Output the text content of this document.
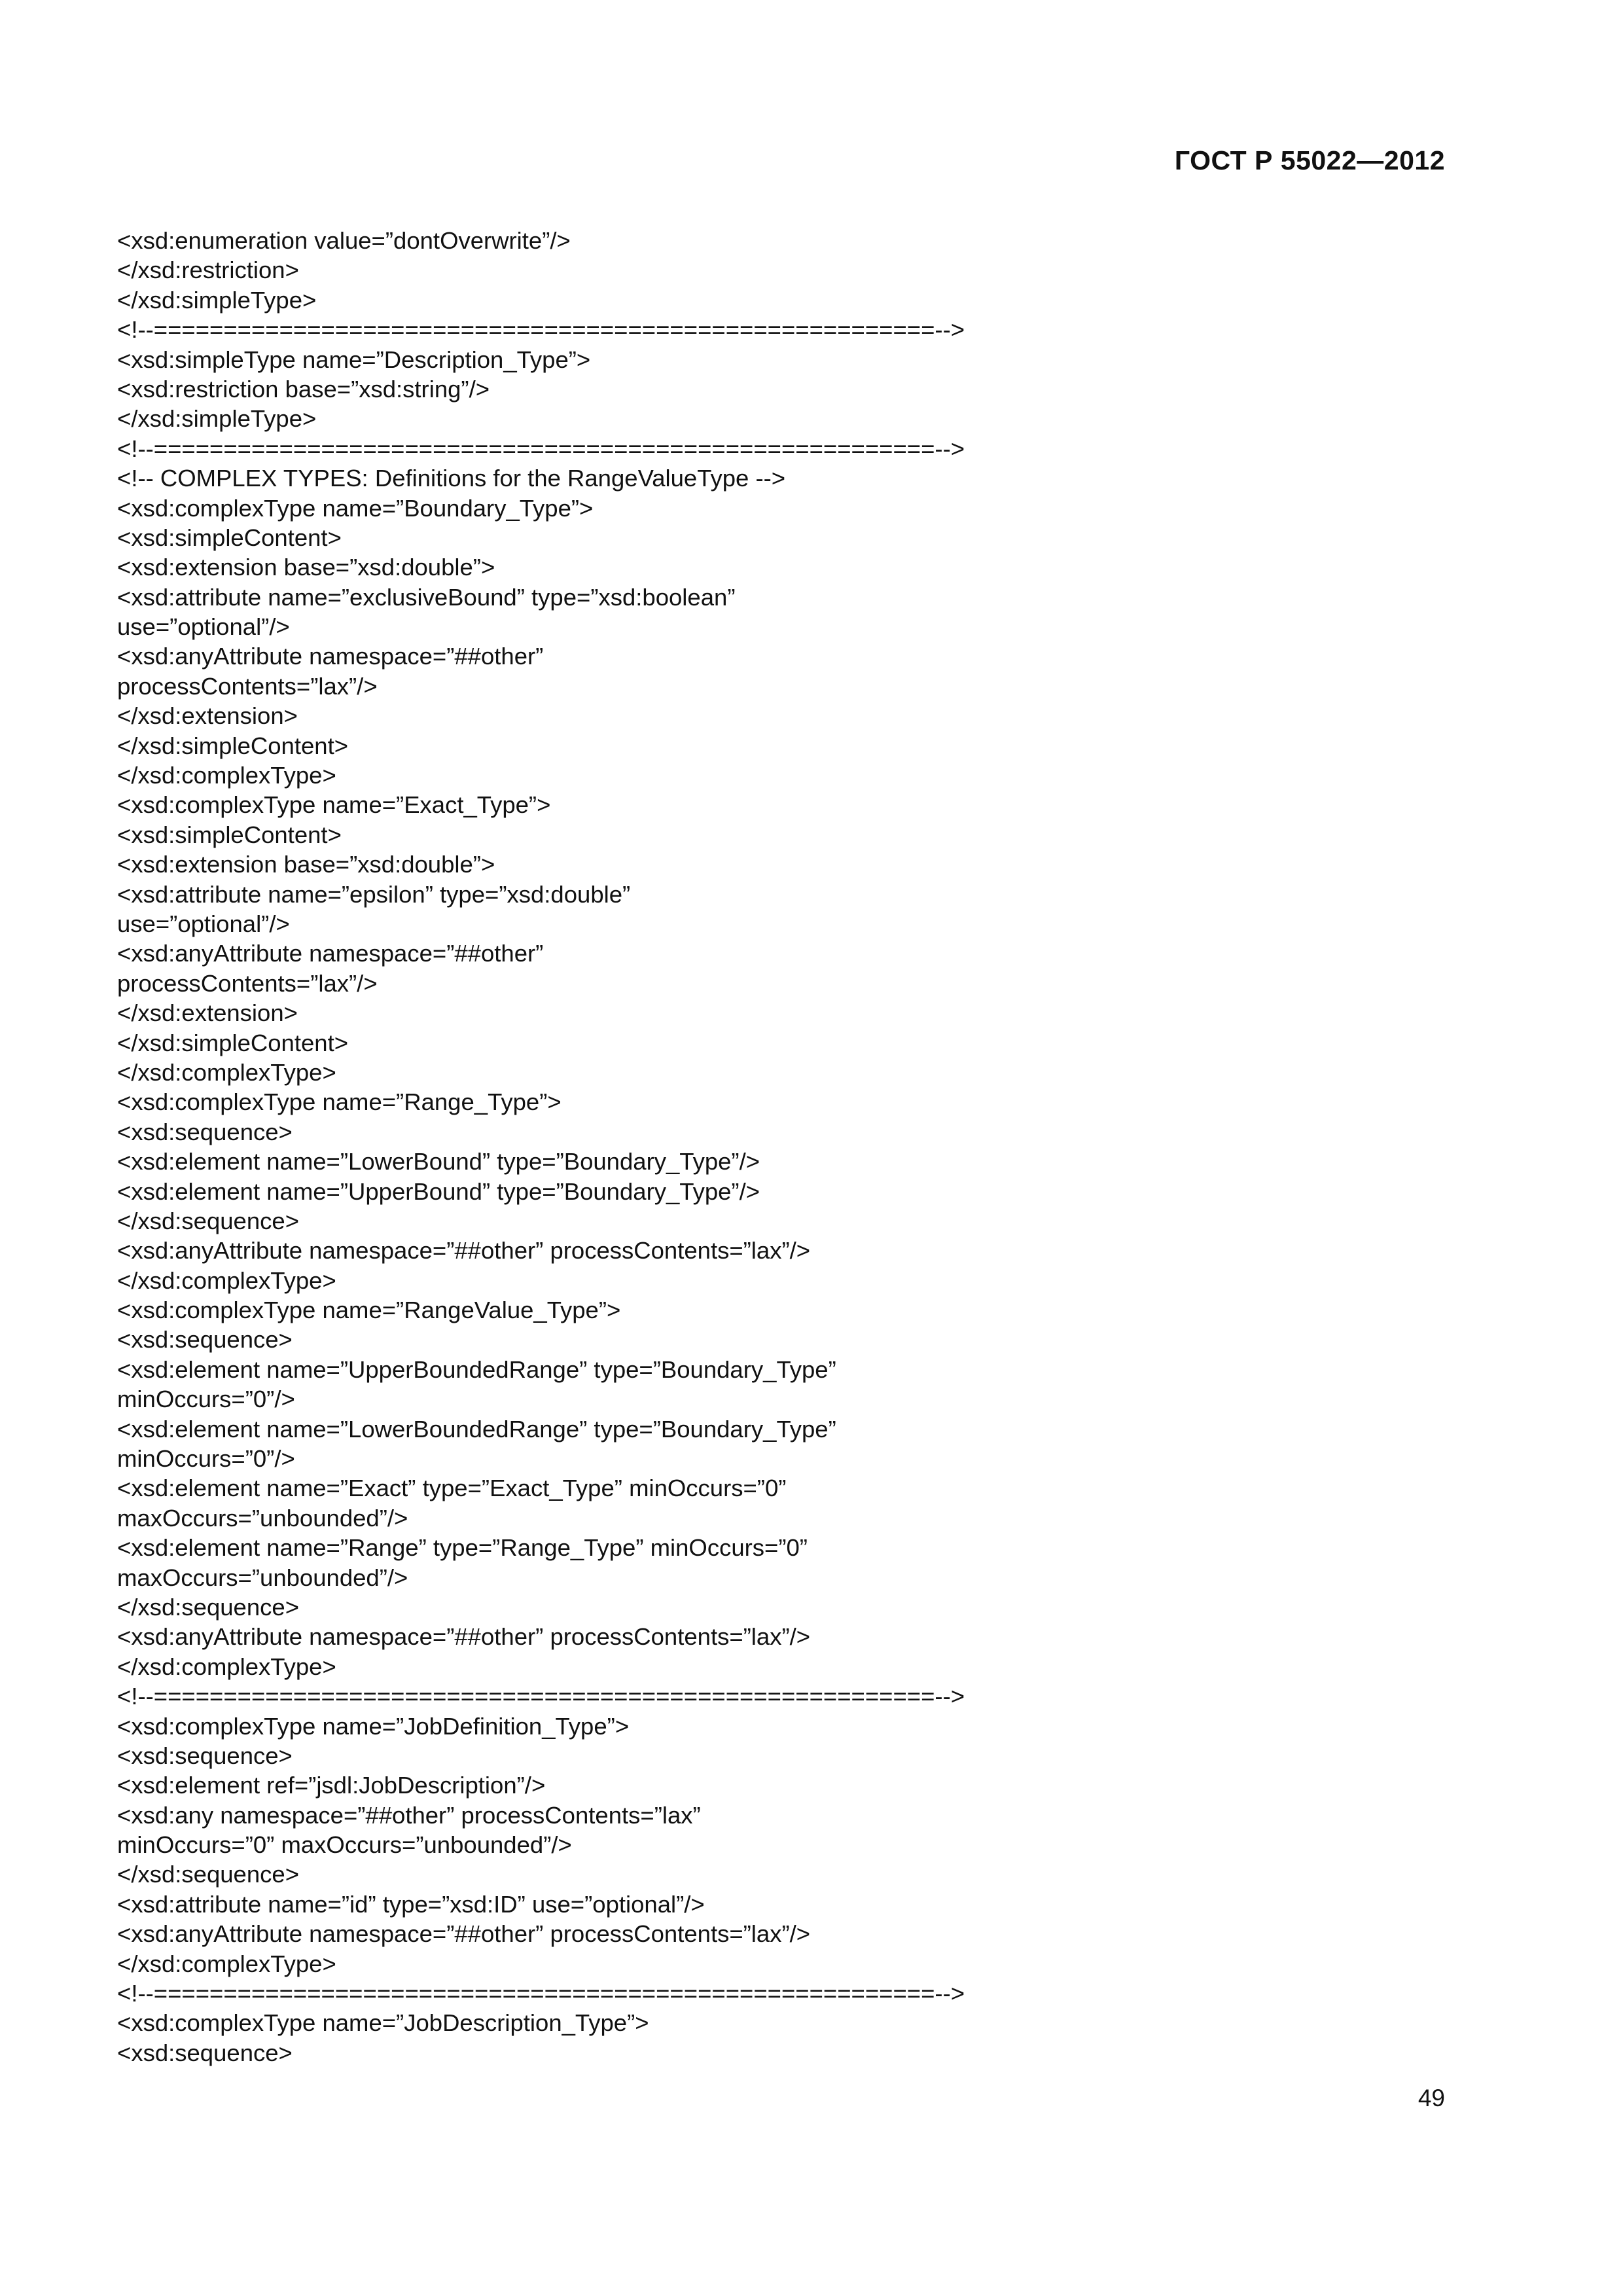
ГОСТ Р 55022—2012
<xsd:enumeration value=”dontOverwrite”/>
</xsd:restriction>
</xsd:simpleType>
<!--========================================================-->
<xsd:simpleType name=”Description_Type”>
<xsd:restriction base=”xsd:string”/>
</xsd:simpleType>
<!--========================================================-->
<!-- COMPLEX TYPES: Definitions for the RangeValueType -->
<xsd:complexType name=”Boundary_Type”>
<xsd:simpleContent>
<xsd:extension base=”xsd:double”>
<xsd:attribute name=”exclusiveBound” type=”xsd:boolean”
use=”optional”/>
<xsd:anyAttribute namespace=”##other”
processContents=”lax”/>
</xsd:extension>
</xsd:simpleContent>
</xsd:complexType>
<xsd:complexType name=”Exact_Type”>
<xsd:simpleContent>
<xsd:extension base=”xsd:double”>
<xsd:attribute name=”epsilon” type=”xsd:double”
use=”optional”/>
<xsd:anyAttribute namespace=”##other”
processContents=”lax”/>
</xsd:extension>
</xsd:simpleContent>
</xsd:complexType>
<xsd:complexType name=”Range_Type”>
<xsd:sequence>
<xsd:element name=”LowerBound” type=”Boundary_Type”/>
<xsd:element name=”UpperBound” type=”Boundary_Type”/>
</xsd:sequence>
<xsd:anyAttribute namespace=”##other” processContents=”lax”/>
</xsd:complexType>
<xsd:complexType name=”RangeValue_Type”>
<xsd:sequence>
<xsd:element name=”UpperBoundedRange” type=”Boundary_Type”
minOccurs=”0”/>
<xsd:element name=”LowerBoundedRange” type=”Boundary_Type”
minOccurs=”0”/>
<xsd:element name=”Exact” type=”Exact_Type” minOccurs=”0”
maxOccurs=”unbounded”/>
<xsd:element name=”Range” type=”Range_Type” minOccurs=”0”
maxOccurs=”unbounded”/>
</xsd:sequence>
<xsd:anyAttribute namespace=”##other” processContents=”lax”/>
</xsd:complexType>
<!--========================================================-->
<xsd:complexType name=”JobDefinition_Type”>
<xsd:sequence>
<xsd:element ref=”jsdl:JobDescription”/>
<xsd:any namespace=”##other” processContents=”lax”
minOccurs=”0” maxOccurs=”unbounded”/>
</xsd:sequence>
<xsd:attribute name=”id” type=”xsd:ID” use=”optional”/>
<xsd:anyAttribute namespace=”##other” processContents=”lax”/>
</xsd:complexType>
<!--========================================================-->
<xsd:complexType name=”JobDescription_Type”>
<xsd:sequence>
49
